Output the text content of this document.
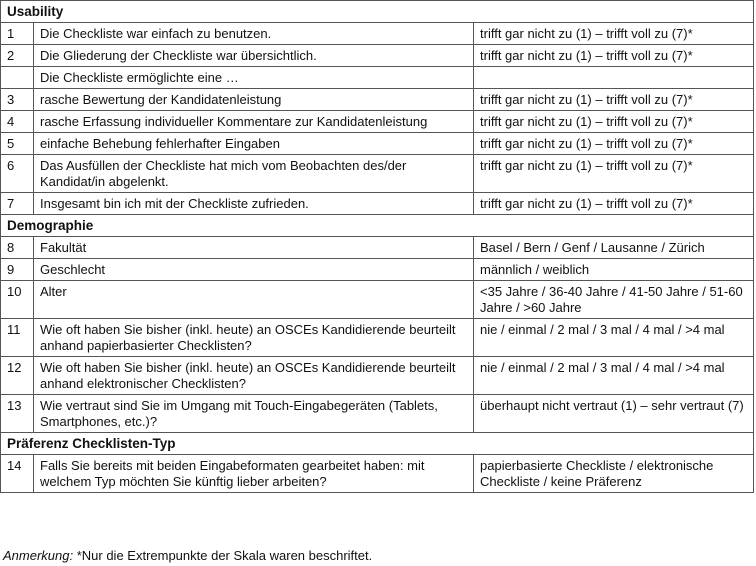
Usability		
1	Die Checkliste war einfach zu benutzen.	trifft gar nicht zu (1) – trifft voll zu (7)*
2	Die Gliederung der Checkliste war übersichtlich.	trifft gar nicht zu (1) – trifft voll zu (7)*
	Die Checkliste ermöglichte eine …	
3	rasche Bewertung der Kandidatenleistung	trifft gar nicht zu (1) – trifft voll zu (7)*
4	rasche Erfassung individueller Kommentare zur Kandidatenleistung	trifft gar nicht zu (1) – trifft voll zu (7)*
5	einfache Behebung fehlerhafter Eingaben	trifft gar nicht zu (1) – trifft voll zu (7)*
6	Das Ausfüllen der Checkliste hat mich vom Beobachten des/der Kandidat/in abgelenkt.	trifft gar nicht zu (1) – trifft voll zu (7)*
7	Insgesamt bin ich mit der Checkliste zufrieden.	trifft gar nicht zu (1) – trifft voll zu (7)*
Demographie		
8	Fakultät	Basel / Bern / Genf / Lausanne / Zürich
9	Geschlecht	männlich / weiblich
10	Alter	<35 Jahre / 36-40 Jahre / 41-50 Jahre / 51-60 Jahre / >60 Jahre
11	Wie oft haben Sie bisher (inkl. heute) an OSCEs Kandidierende beurteilt anhand papierbasierter Checklisten?	nie / einmal / 2 mal / 3 mal / 4 mal / >4 mal
12	Wie oft haben Sie bisher (inkl. heute) an OSCEs Kandidierende beurteilt anhand elektronischer Checklisten?	nie / einmal / 2 mal / 3 mal / 4 mal / >4 mal
13	Wie vertraut sind Sie im Umgang mit Touch-Eingabegeräten (Tablets, Smartphones, etc.)?	überhaupt nicht vertraut (1) – sehr vertraut (7)
Präferenz Checklisten-Typ		
14	Falls Sie bereits mit beiden Eingabeformaten gearbeitet haben: mit welchem Typ möchten Sie künftig lieber arbeiten?	papierbasierte Checkliste / elektronische Checkliste / keine Präferenz
Anmerkung: *Nur die Extrempunkte der Skala waren beschriftet.
